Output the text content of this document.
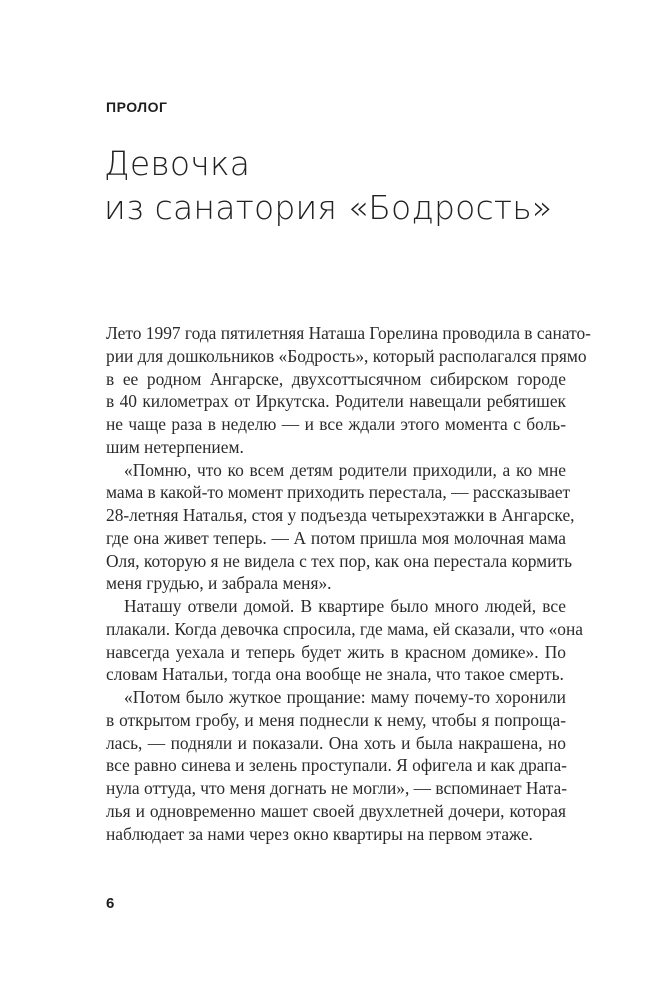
ПРОЛОГ
Девочка
из санатория «Бодрость»
Лето 1997 года пятилетняя Наташа Горелина проводила в санато-
рии для дошкольников «Бодрость», который располагался прямо
в ее родном Ангарске, двухсоттысячном сибирском городе
в 40 километрах от Иркутска. Родители навещали ребятишек
не чаще раза в неделю — и все ждали этого момента с боль-
шим нетерпением.
«Помню, что ко всем детям родители приходили, а ко мне
мама в какой-то момент приходить перестала, — рассказывает
28-летняя Наталья, стоя у подъезда четырехэтажки в Ангарске,
где она живет теперь. — А потом пришла моя молочная мама
Оля, которую я не видела с тех пор, как она перестала кормить
меня грудью, и забрала меня».
Наташу отвели домой. В квартире было много людей, все
плакали. Когда девочка спросила, где мама, ей сказали, что «она
навсегда уехала и теперь будет жить в красном домике». По
словам Натальи, тогда она вообще не знала, что такое смерть.
«Потом было жуткое прощание: маму почему-то хоронили
в открытом гробу, и меня поднесли к нему, чтобы я попроща-
лась, — подняли и показали. Она хоть и была накрашена, но
все равно синева и зелень проступали. Я офигела и как драпа-
нула оттуда, что меня догнать не могли», — вспоминает Ната-
лья и одновременно машет своей двухлетней дочери, которая
наблюдает за нами через окно квартиры на первом этаже.
6
